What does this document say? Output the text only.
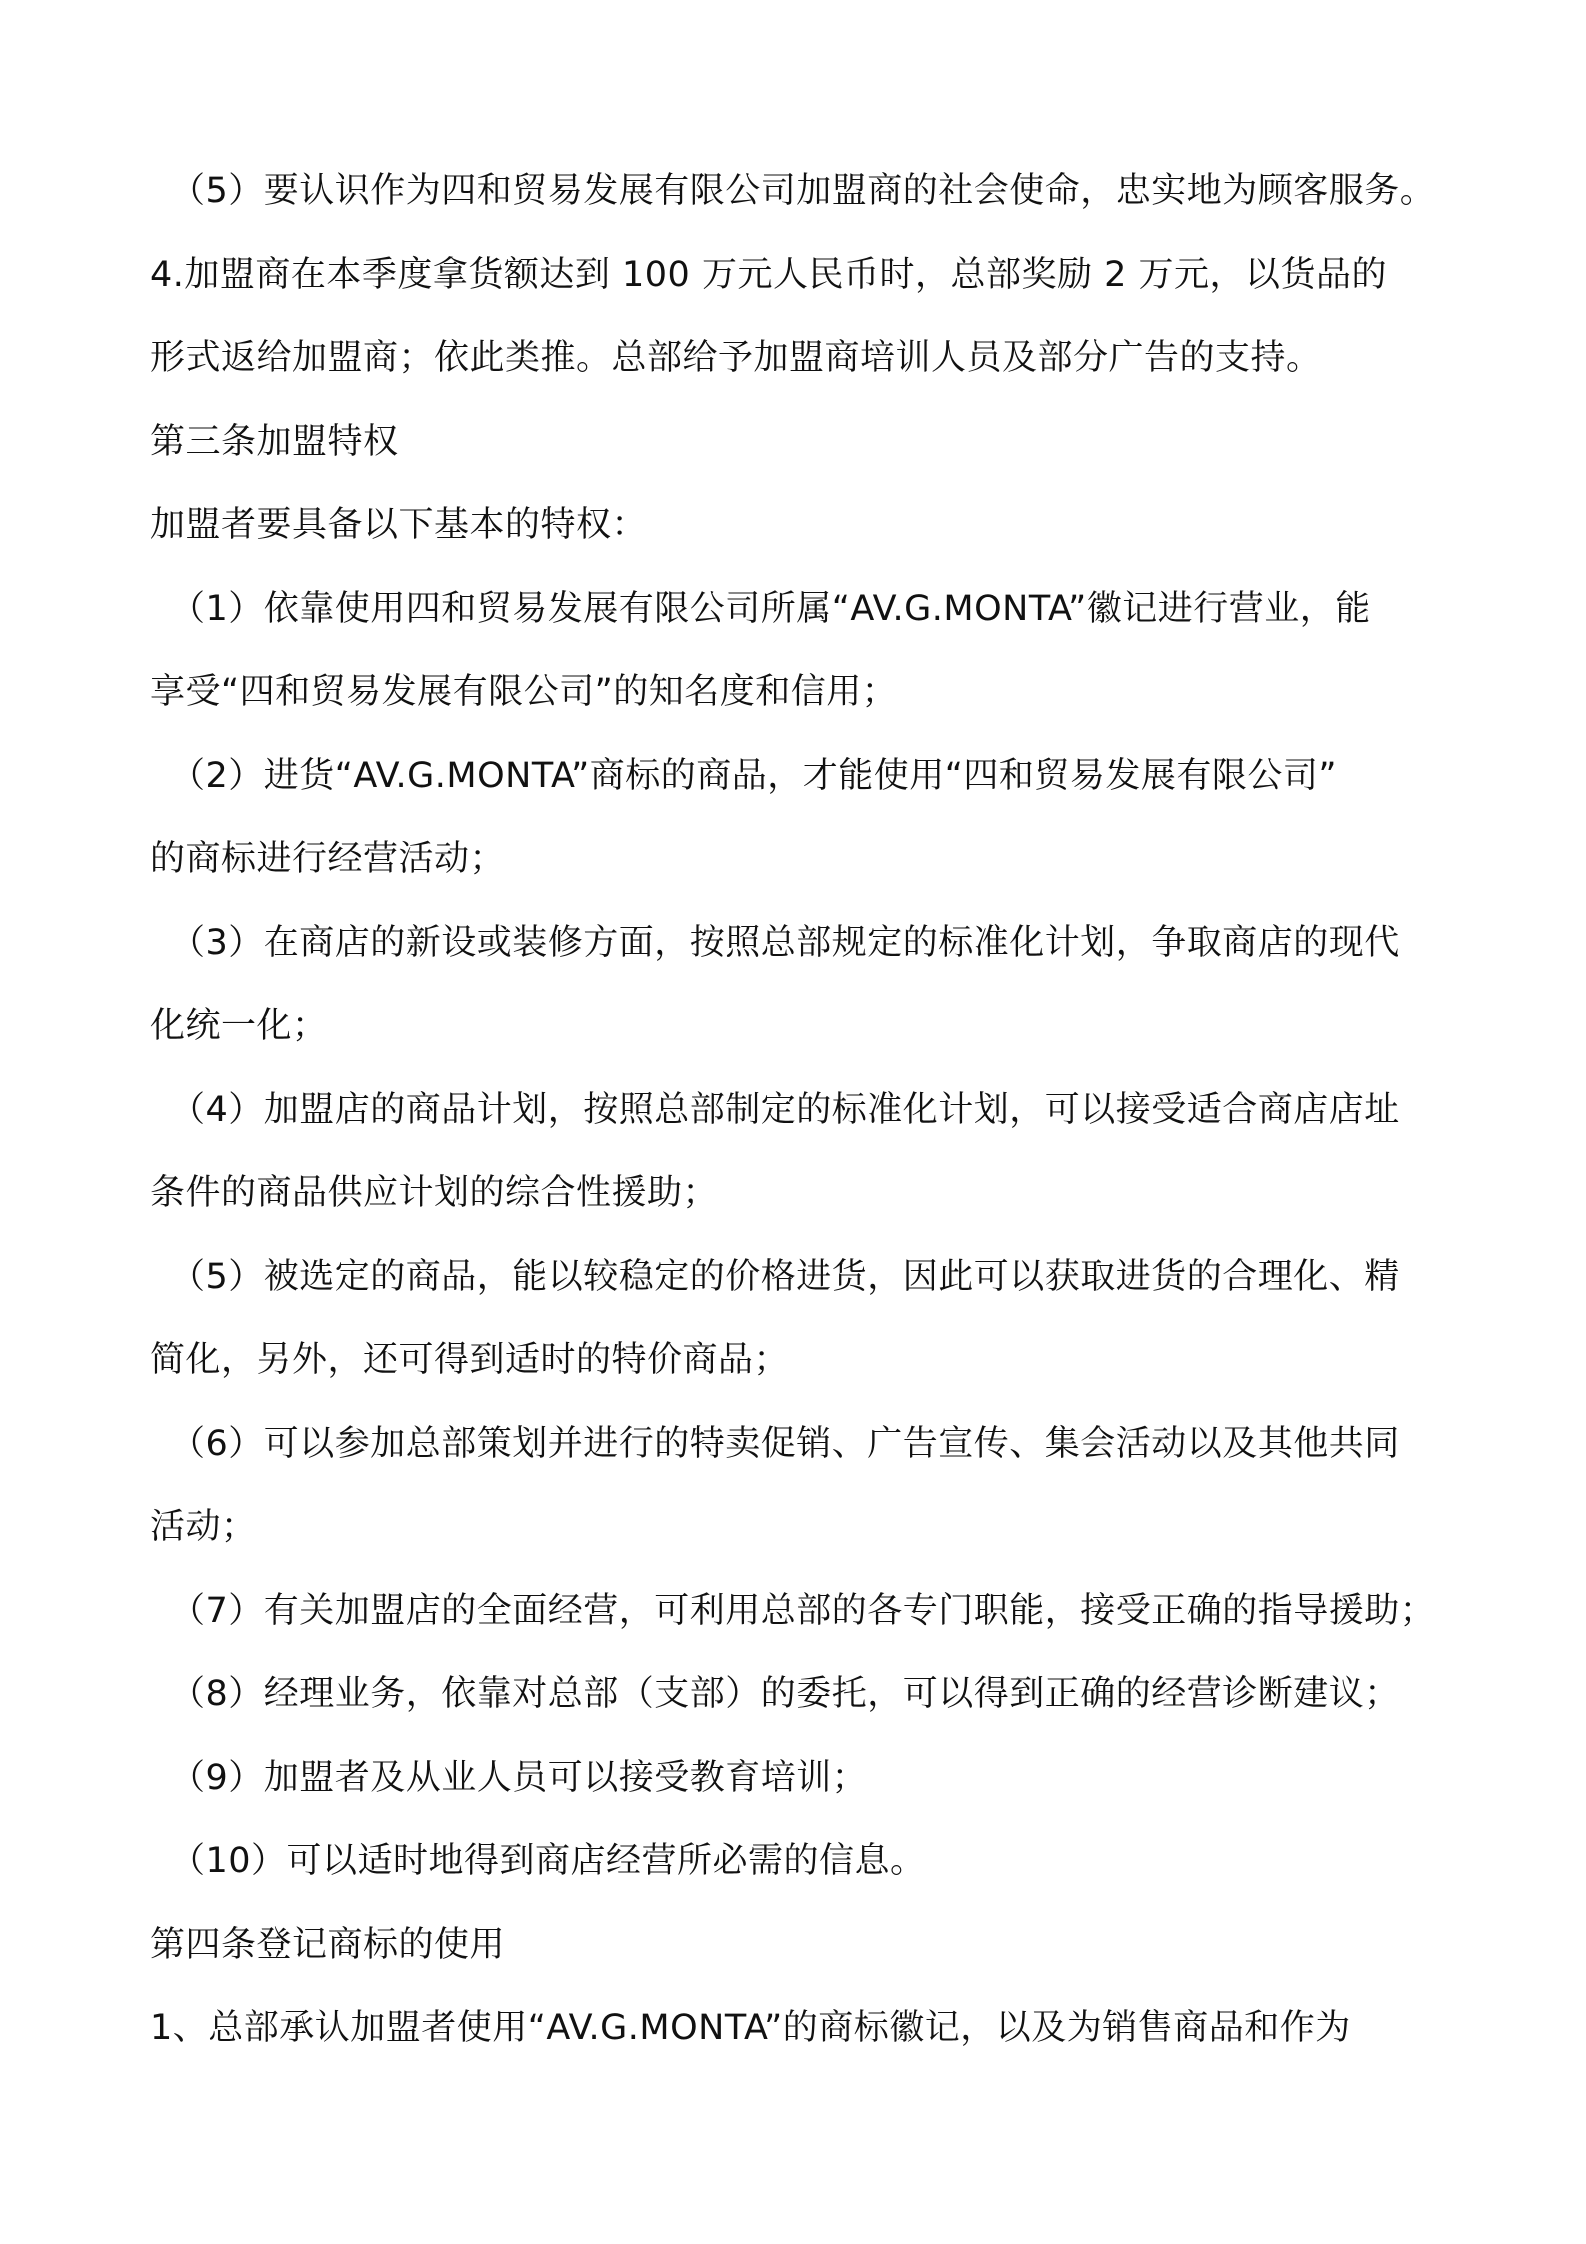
（5）要认识作为四和贸易发展有限公司加盟商的社会使命，忠实地为顾客服务。
4.加盟商在本季度拿货额达到 100 万元人民币时，总部奖励 2 万元，以货品的
形式返给加盟商；依此类推。总部给予加盟商培训人员及部分广告的支持。
第三条加盟特权
加盟者要具备以下基本的特权：
（1）依靠使用四和贸易发展有限公司所属“AV.G.MONTA”徽记进行营业，能
享受“四和贸易发展有限公司”的知名度和信用；
（2）进货“AV.G.MONTA”商标的商品，才能使用“四和贸易发展有限公司”
的商标进行经营活动；
（3）在商店的新设或装修方面，按照总部规定的标准化计划，争取商店的现代
化统一化；
（4）加盟店的商品计划，按照总部制定的标准化计划，可以接受适合商店店址
条件的商品供应计划的综合性援助；
（5）被选定的商品，能以较稳定的价格进货，因此可以获取进货的合理化、精
简化，另外，还可得到适时的特价商品；
（6）可以参加总部策划并进行的特卖促销、广告宣传、集会活动以及其他共同
活动；
（7）有关加盟店的全面经营，可利用总部的各专门职能，接受正确的指导援助；
（8）经理业务，依靠对总部（支部）的委托，可以得到正确的经营诊断建议；
（9）加盟者及从业人员可以接受教育培训；
（10）可以适时地得到商店经营所必需的信息。
第四条登记商标的使用
1、总部承认加盟者使用“AV.G.MONTA”的商标徽记，以及为销售商品和作为
